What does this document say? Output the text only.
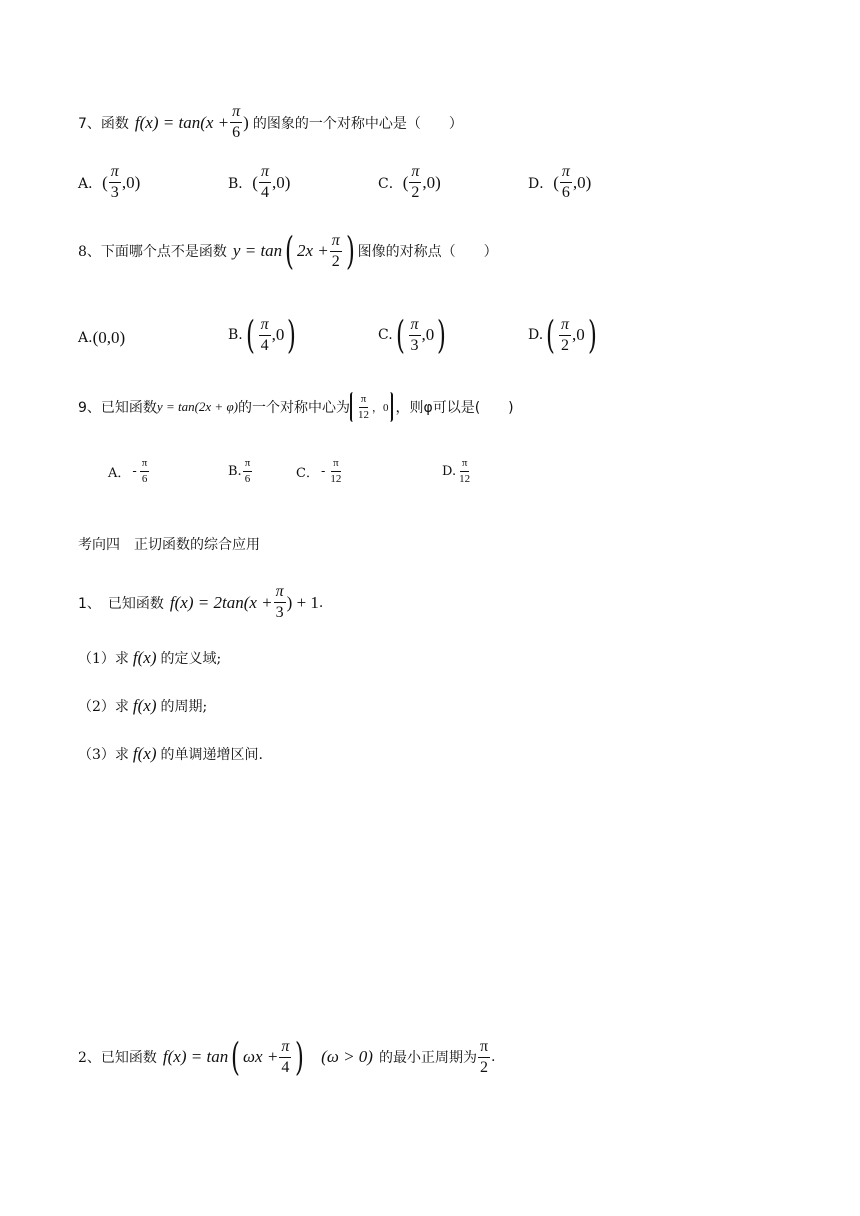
7、函数 $f(x) = \tan(x + \frac{\pi}{6}$ ) 的图象的一个对称中心是（　　）
A． ( $\frac{\pi}{3} ,0$)	B． ( $\frac{\pi}{4} ,0$)	C． ( $\frac{\pi}{2} ,0$)	D． ( $\frac{\pi}{6} ,0$)
8、下面哪个点不是函数 y = tan ( $2x + \frac{\pi}{2}$ ) 图像的对称点（　　）
A. (0,0)	B. ( $\frac{\pi}{4} ,0$ )	C. ( $\frac{\pi}{3} ,0$ )	D. ( $\frac{\pi}{2} ,0$ )
9、已知函数 y = tan(2x + φ) 的一个对称中心为 $\frac{\pi}{12}$ ，0 ，则φ可以是(　　)
A． - $\frac{\pi}{6}$	B. $\frac{\pi}{6}$	C． - $\frac{\pi}{12}$	D. $\frac{\pi}{12}$
考向四　正切函数的综合应用
1、　已知函数 $f(x) = 2\tan(x + \frac{\pi}{3}$ ) + 1 .
（1）求 f(x) 的定义域;
（2）求 f(x) 的周期;
（3）求 f(x) 的单调递增区间.
2、已知函数 f(x) = tan ( $\omega x + \frac{\pi}{4}$ ) (ω > 0) 的最小正周期为 $\frac{\pi}{2}$ .
